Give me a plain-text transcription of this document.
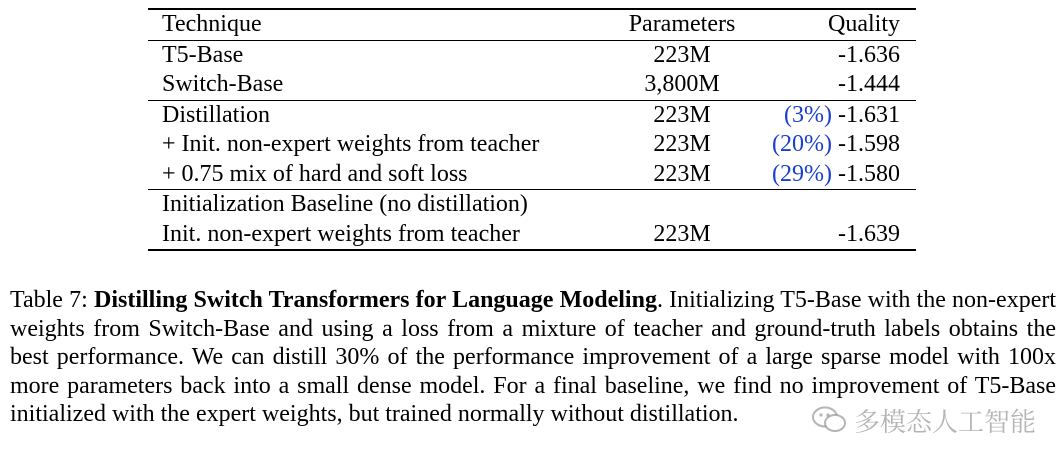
Technique	Parameters	Quality
T5-Base	223M	-1.636
Switch-Base	3,800M	-1.444
Distillation	223M	(3%) -1.631
+ Init. non-expert weights from teacher	223M	(20%) -1.598
+ 0.75 mix of hard and soft loss	223M	(29%) -1.580
Initialization Baseline (no distillation)
Init. non-expert weights from teacher	223M	-1.639
Table 7: Distilling Switch Transformers for Language Modeling. Initializing T5-Base with the non-expert weights from Switch-Base and using a loss from a mixture of teacher and ground-truth labels obtains the best performance. We can distill 30% of the performance improvement of a large sparse model with 100x more parameters back into a small dense model. For a final baseline, we find no improvement of T5-Base initialized with the expert weights, but trained normally without distillation.	多模态人工智能
